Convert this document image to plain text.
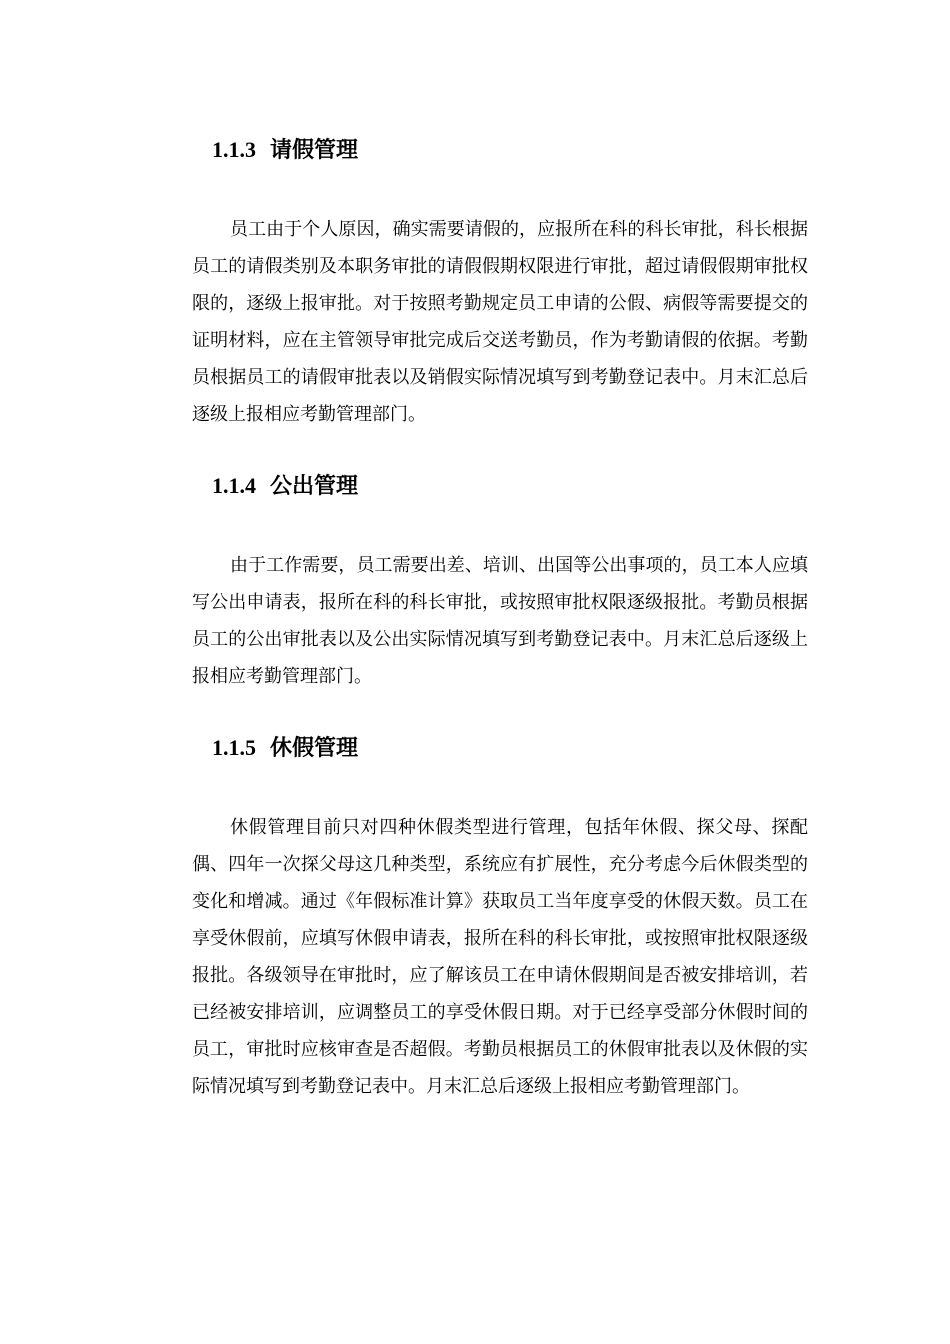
1.1.3 请假管理

员工由于个人原因，确实需要请假的，应报所在科的科长审批，科长根据员工的请假类别及本职务审批的请假假期权限进行审批，超过请假假期审批权限的，逐级上报审批。对于按照考勤规定员工申请的公假、病假等需要提交的证明材料，应在主管领导审批完成后交送考勤员，作为考勤请假的依据。考勤员根据员工的请假审批表以及销假实际情况填写到考勤登记表中。月末汇总后逐级上报相应考勤管理部门。

1.1.4 公出管理

由于工作需要，员工需要出差、培训、出国等公出事项的，员工本人应填写公出申请表，报所在科的科长审批，或按照审批权限逐级报批。考勤员根据员工的公出审批表以及公出实际情况填写到考勤登记表中。月末汇总后逐级上报相应考勤管理部门。

1.1.5 休假管理

休假管理目前只对四种休假类型进行管理，包括年休假、探父母、探配偶、四年一次探父母这几种类型，系统应有扩展性，充分考虑今后休假类型的变化和增减。通过《年假标准计算》获取员工当年度享受的休假天数。员工在享受休假前，应填写休假申请表，报所在科的科长审批，或按照审批权限逐级报批。各级领导在审批时，应了解该员工在申请休假期间是否被安排培训，若已经被安排培训，应调整员工的享受休假日期。对于已经享受部分休假时间的员工，审批时应核审查是否超假。考勤员根据员工的休假审批表以及休假的实际情况填写到考勤登记表中。月末汇总后逐级上报相应考勤管理部门。
